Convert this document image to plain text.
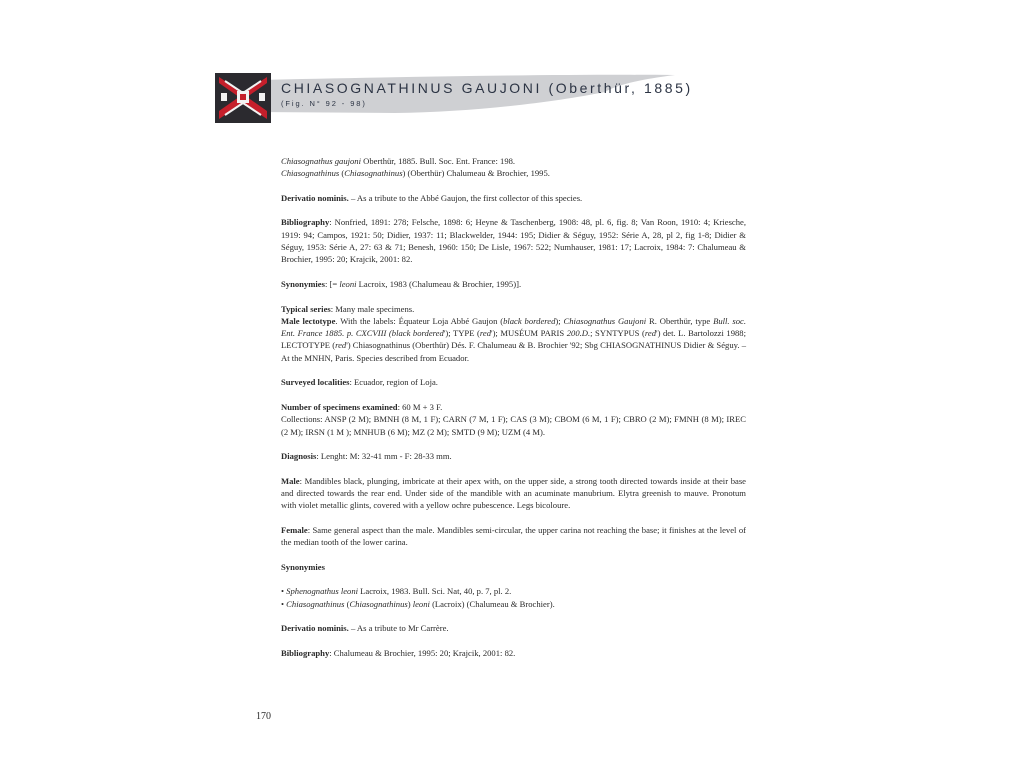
CHIASOGNATHINUS GAUJONI (Oberthür, 1885)
(Fig. N° 92 - 98)

Chiasognathus gaujoni Oberthür, 1885. Bull. Soc. Ent. France: 198.

Chiasognathinus (Chiasognathinus) (Oberthür) Chalumeau & Brochier, 1995.

Derivatio nominis. – As a tribute to the Abbé Gaujon, the first collector of this species.

Bibliography: Nonfried, 1891: 278; Felsche, 1898: 6; Heyne & Taschenberg, 1908: 48, pl. 6, fig. 8; Van Roon, 1910: 4; Kriesche, 1919: 94; Campos, 1921: 50; Didier, 1937: 11; Blackwelder, 1944: 195; Didier & Séguy, 1952: Série A, 28, pl 2, fig 1-8; Didier & Séguy, 1953: Série A, 27: 63 & 71; Benesh, 1960: 150; De Lisle, 1967: 522; Numhauser, 1981: 17; Lacroix, 1984: 7: Chalumeau & Brochier, 1995: 20; Krajcik, 2001: 82.

Synonymies: [= leoni Lacroix, 1983 (Chalumeau & Brochier, 1995)].

Typical series: Many male specimens.

Male lectotype. With the labels: Équateur Loja Abbé Gaujon (black bordered); Chiasognathus Gaujoni R. Oberthür, type Bull. soc. Ent. France 1885. p. CXCVIII (black bordered'); TYPE (red'); MUSÉUM PARIS 200.D.; SYNTYPUS (red') det. L. Bartolozzi 1988; LECTOTYPE (red') Chiasognathinus (Oberthür) Dés. F. Chalumeau & B. Brochier '92; Sbg CHIASOGNATHINUS Didier & Séguy. – At the MNHN, Paris. Species described from Ecuador.

Surveyed localities: Ecuador, region of Loja.

Number of specimens examined: 60 M + 3 F.

Collections: ANSP (2 M); BMNH (8 M, 1 F); CARN (7 M, 1 F); CAS (3 M); CBOM (6 M, 1 F); CBRO (2 M); FMNH (8 M); IREC (2 M); IRSN (1 M ); MNHUB (6 M); MZ (2 M); SMTD (9 M); UZM (4 M).

Diagnosis: Lenght: M: 32-41 mm - F: 28-33 mm.

Male: Mandibles black, plunging, imbricate at their apex with, on the upper side, a strong tooth directed towards inside at their base and directed towards the rear end. Under side of the mandible with an acuminate manubrium. Elytra greenish to mauve. Pronotum with violet metallic glints, covered with a yellow ochre pubescence. Legs bicoloure.

Female: Same general aspect than the male. Mandibles semi-circular, the upper carina not reaching the base; it finishes at the level of the median tooth of the lower carina.

Synonymies

• Sphenognathus leoni Lacroix, 1983. Bull. Sci. Nat, 40, p. 7, pl. 2.

• Chiasognathinus (Chiasognathinus) leoni (Lacroix) (Chalumeau & Brochier).

Derivatio nominis. – As a tribute to Mr Carrère.

Bibliography: Chalumeau & Brochier, 1995: 20; Krajcik, 2001: 82.

170
